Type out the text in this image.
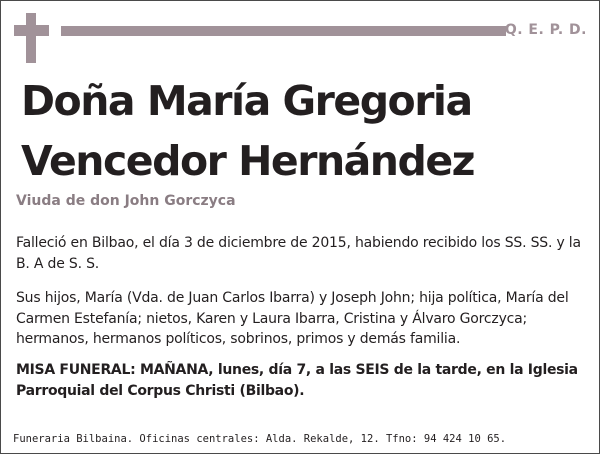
Q. E. P. D.
Doña María Gregoria
Vencedor Hernández
Viuda de don John Gorczyca

Falleció en Bilbao, el día 3 de diciembre de 2015, habiendo recibido los SS. SS. y la B. A de S. S.

Sus hijos, María (Vda. de Juan Carlos Ibarra) y Joseph John; hija política, María del Carmen Estefanía; nietos, Karen y Laura Ibarra, Cristina y Álvaro Gorczyca; hermanos, hermanos políticos, sobrinos, primos y demás familia.

MISA FUNERAL: MAÑANA, lunes, día 7, a las SEIS de la tarde, en la Iglesia Parroquial del Corpus Christi (Bilbao).

Funeraria Bilbaina. Oficinas centrales: Alda. Rekalde, 12. Tfno: 94 424 10 65.
